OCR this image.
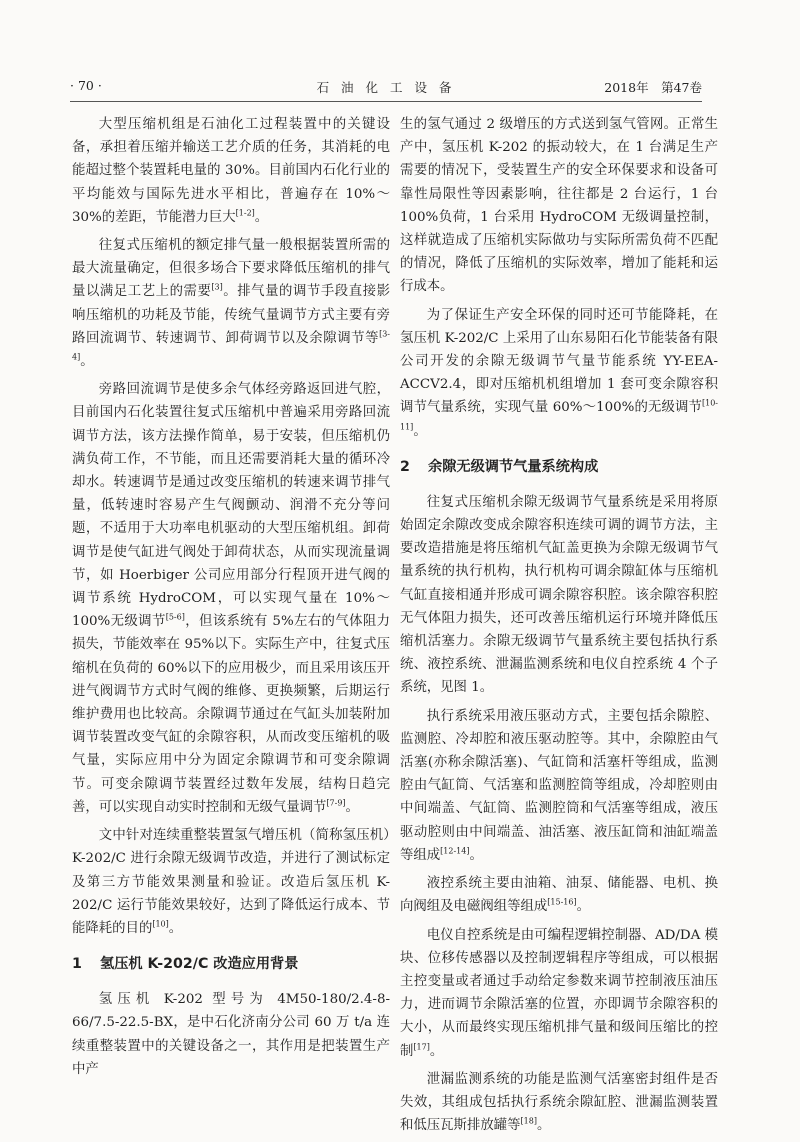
· 70 ·	石 油 化 工 设 备	2018年　第47卷

大型压缩机组是石油化工过程装置中的关键设备，承担着压缩并输送工艺介质的任务，其消耗的电能超过整个装置耗电量的 30%。目前国内石化行业的平均能效与国际先进水平相比，普遍存在 10%～30%的差距，节能潜力巨大[1-2]。

往复式压缩机的额定排气量一般根据装置所需的最大流量确定，但很多场合下要求降低压缩机的排气量以满足工艺上的需要[3]。排气量的调节手段直接影响压缩机的功耗及节能，传统气量调节方式主要有旁路回流调节、转速调节、卸荷调节以及余隙调节等[3-4]。

旁路回流调节是使多余气体经旁路返回进气腔，目前国内石化装置往复式压缩机中普遍采用旁路回流调节方法，该方法操作简单，易于安装，但压缩机仍满负荷工作，不节能，而且还需要消耗大量的循环冷却水。转速调节是通过改变压缩机的转速来调节排气量，低转速时容易产生气阀颤动、润滑不充分等问题，不适用于大功率电机驱动的大型压缩机组。卸荷调节是使气缸进气阀处于卸荷状态，从而实现流量调节，如 Hoerbiger 公司应用部分行程顶开进气阀的调节系统 HydroCOM，可以实现气量在 10%～100%无级调节[5-6]，但该系统有 5%左右的气体阻力损失，节能效率在 95%以下。实际生产中，往复式压缩机在负荷的 60%以下的应用极少，而且采用该压开进气阀调节方式时气阀的维修、更换频繁，后期运行维护费用也比较高。余隙调节通过在气缸头加装附加调节装置改变气缸的余隙容积，从而改变压缩机的吸气量，实际应用中分为固定余隙调节和可变余隙调节。可变余隙调节装置经过数年发展，结构日趋完善，可以实现自动实时控制和无级气量调节[7-9]。

文中针对连续重整装置氢气增压机（简称氢压机）K-202/C 进行余隙无级调节改造，并进行了测试标定及第三方节能效果测量和验证。改造后氢压机 K-202/C 运行节能效果较好，达到了降低运行成本、节能降耗的目的[10]。

1 氢压机 K-202/C 改造应用背景

氢压机 K-202 型号为 4M50-180/2.4-8-66/7.5-22.5-BX，是中石化济南分公司 60 万 t/a 连续重整装置中的关键设备之一，其作用是把装置生产中产

生的氢气通过 2 级增压的方式送到氢气管网。正常生产中，氢压机 K-202 的振动较大，在 1 台满足生产需要的情况下，受装置生产的安全环保要求和设备可靠性局限性等因素影响，往往都是 2 台运行，1 台 100%负荷，1 台采用 HydroCOM 无级调量控制，这样就造成了压缩机实际做功与实际所需负荷不匹配的情况，降低了压缩机的实际效率，增加了能耗和运行成本。

为了保证生产安全环保的同时还可节能降耗，在氢压机 K-202/C 上采用了山东易阳石化节能装备有限公司开发的余隙无级调节气量节能系统 YY-EEA-ACCV2.4，即对压缩机机组增加 1 套可变余隙容积调节气量系统，实现气量 60%～100%的无级调节[10-11]。

2 余隙无级调节气量系统构成

往复式压缩机余隙无级调节气量系统是采用将原始固定余隙改变成余隙容积连续可调的调节方法，主要改造措施是将压缩机气缸盖更换为余隙无级调节气量系统的执行机构，执行机构可调余隙缸体与压缩机气缸直接相通并形成可调余隙容积腔。该余隙容积腔无气体阻力损失，还可改善压缩机运行环境并降低压缩机活塞力。余隙无级调节气量系统主要包括执行系统、液控系统、泄漏监测系统和电仪自控系统 4 个子系统，见图 1。

执行系统采用液压驱动方式，主要包括余隙腔、监测腔、冷却腔和液压驱动腔等。其中，余隙腔由气活塞(亦称余隙活塞)、气缸筒和活塞杆等组成，监测腔由气缸筒、气活塞和监测腔筒等组成，冷却腔则由中间端盖、气缸筒、监测腔筒和气活塞等组成，液压驱动腔则由中间端盖、油活塞、液压缸筒和油缸端盖等组成[12-14]。

液控系统主要由油箱、油泵、储能器、电机、换向阀组及电磁阀组等组成[15-16]。

电仪自控系统是由可编程逻辑控制器、AD/DA 模块、位移传感器以及控制逻辑程序等组成，可以根据主控变量或者通过手动给定参数来调节控制液压油压力，进而调节余隙活塞的位置，亦即调节余隙容积的大小，从而最终实现压缩机排气量和级间压缩比的控制[17]。

泄漏监测系统的功能是监测气活塞密封组件是否失效，其组成包括执行系统余隙缸腔、泄漏监测装置和低压瓦斯排放罐等[18]。
